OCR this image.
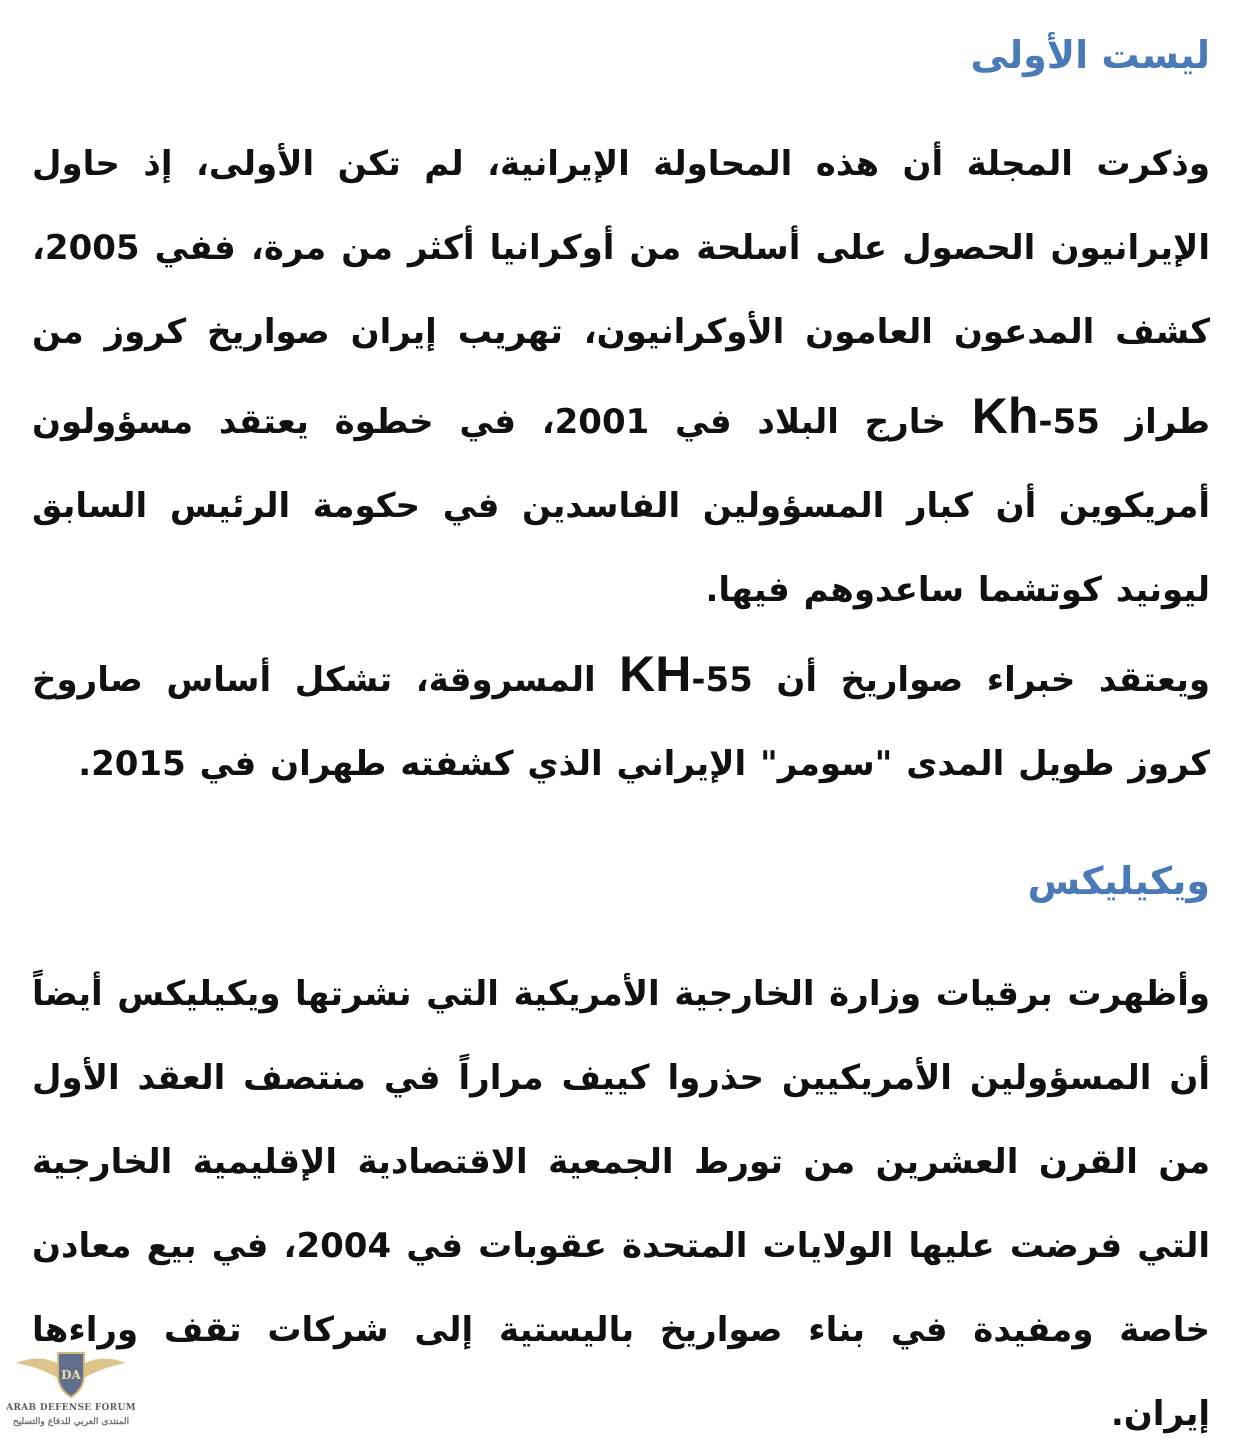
ليست الأولى

وذكرت المجلة أن هذه المحاولة الإيرانية، لم تكن الأولى، إذ حاول الإيرانيون الحصول على أسلحة من أوكرانيا أكثر من مرة، ففي 2005، كشف المدعون العامون الأوكرانيون، تهريب إيران صواريخ كروز من طراز 55-Kh خارج البلاد في 2001، في خطوة يعتقد مسؤولون أمريكوين أن كبار المسؤولين الفاسدين في حكومة الرئيس السابق ليونيد كوتشما ساعدوهم فيها.

ويعتقد خبراء صواريخ أن 55-KH المسروقة، تشكل أساس صاروخ كروز طويل المدى "سومر" الإيراني الذي كشفته طهران في 2015.

ويكيليكس

وأظهرت برقيات وزارة الخارجية الأمريكية التي نشرتها ويكيليكس أيضاً أن المسؤولين الأمريكيين حذروا كييف مراراً في منتصف العقد الأول من القرن العشرين من تورط الجمعية الاقتصادية الإقليمية الخارجية التي فرضت عليها الولايات المتحدة عقوبات في 2004، في بيع معادن خاصة ومفيدة في بناء صواريخ باليستية إلى شركات تقف وراءها إيران.

DA
ARAB DEFENSE FORUM
المنتدى العربي للدفاع والتسليح
